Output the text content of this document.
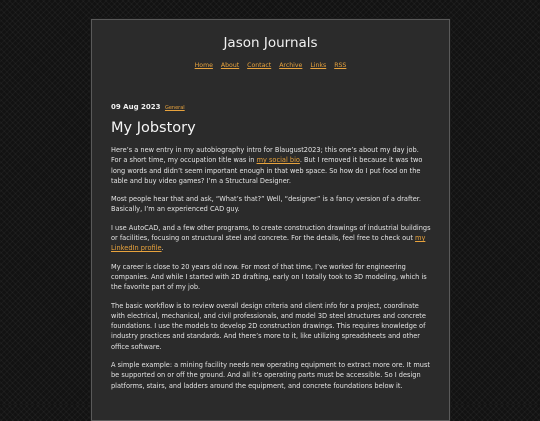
Jason Journals
Home About Contact Archive Links RSS
09 Aug 2023 General
My Jobstory

Here’s a new entry in my autobiography intro for Blaugust2023; this one’s about my day job. For a short time, my occupation title was in my social bio. But I removed it because it was two long words and didn’t seem important enough in that web space. So how do I put food on the table and buy video games? I’m a Structural Designer.

Most people hear that and ask, “What’s that?” Well, “designer” is a fancy version of a drafter. Basically, I’m an experienced CAD guy.

I use AutoCAD, and a few other programs, to create construction drawings of industrial buildings or facilities, focusing on structural steel and concrete. For the details, feel free to check out my LinkedIn profile.

My career is close to 20 years old now. For most of that time, I’ve worked for engineering companies. And while I started with 2D drafting, early on I totally took to 3D modeling, which is the favorite part of my job.

The basic workflow is to review overall design criteria and client info for a project, coordinate with electrical, mechanical, and civil professionals, and model 3D steel structures and concrete foundations. I use the models to develop 2D construction drawings. This requires knowledge of industry practices and standards. And there’s more to it, like utilizing spreadsheets and other office software.

A simple example: a mining facility needs new operating equipment to extract more ore. It must be supported on or off the ground. And all it’s operating parts must be accessible. So I design platforms, stairs, and ladders around the equipment, and concrete foundations below it.
